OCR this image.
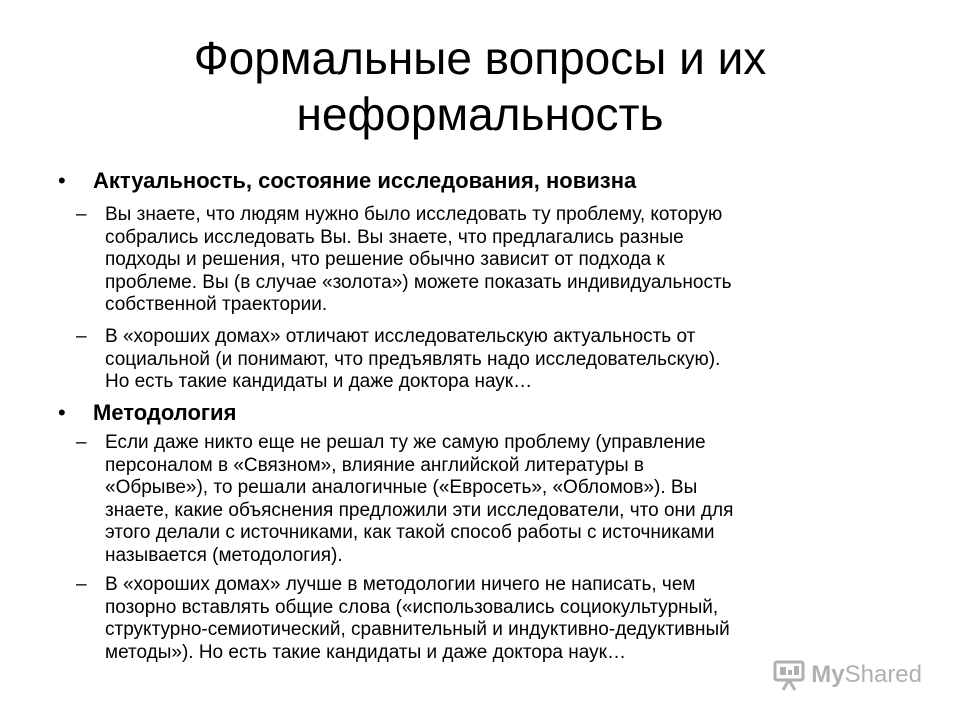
Формальные вопросы и их
неформальность

• Актуальность, состояние исследования, новизна

– Вы знаете, что людям нужно было исследовать ту проблему, которую
собрались исследовать Вы. Вы знаете, что предлагались разные
подходы и решения, что решение обычно зависит от подхода к
проблеме. Вы (в случае «золота») можете показать индивидуальность
собственной траектории.
– В «хороших домах» отличают исследовательскую актуальность от
социальной (и понимают, что предъявлять надо исследовательскую).
Но есть такие кандидаты и даже доктора наук…

• Методология

– Если даже никто еще не решал ту же самую проблему (управление
персоналом в «Связном», влияние английской литературы в
«Обрыве»), то решали аналогичные («Евросеть», «Обломов»). Вы
знаете, какие объяснения предложили эти исследователи, что они для
этого делали с источниками, как такой способ работы с источниками
называется (методология).
– В «хороших домах» лучше в методологии ничего не написать, чем
позорно вставлять общие слова («использовались социокультурный,
структурно-семиотический, сравнительный и индуктивно-дедуктивный
методы»). Но есть такие кандидаты и даже доктора наук…
MyShared
